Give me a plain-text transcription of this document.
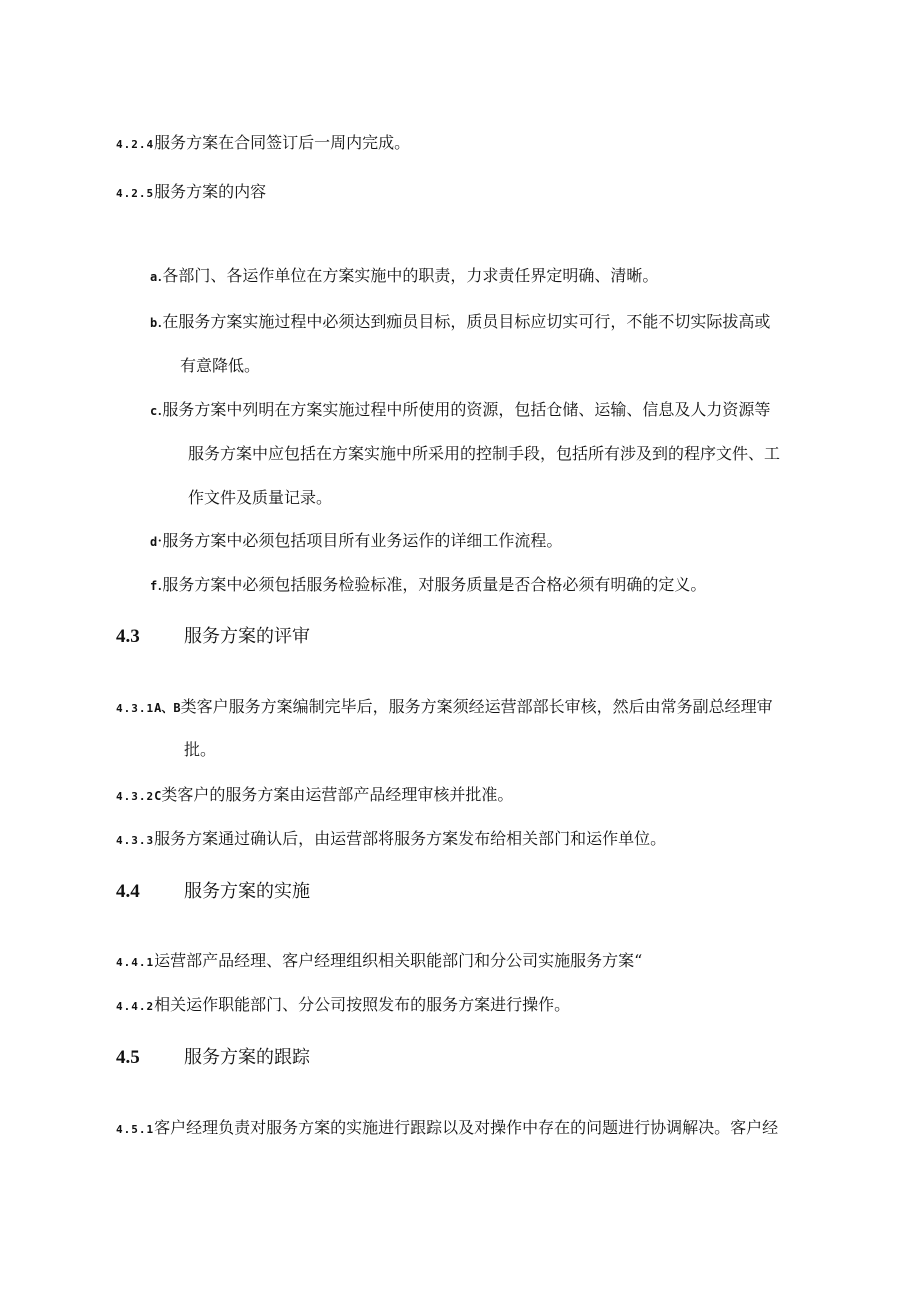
4.2.4服务方案在合同签订后一周内完成。
4.2.5服务方案的内容
a.各部门、各运作单位在方案实施中的职责，力求责任界定明确、清晰。
b.在服务方案实施过程中必须达到痂员目标，质员目标应切实可行，不能不切实际拔高或
有意降低。
c.服务方案中列明在方案实施过程中所使用的资源，包括仓储、运输、信息及人力资源等
服务方案中应包括在方案实施中所采用的控制手段，包括所有涉及到的程序文件、工
作文件及质量记录。
d·服务方案中必须包括项目所有业务运作的详细工作流程。
f.服务方案中必须包括服务检验标准，对服务质量是否合格必须有明确的定义。
4.3 服务方案的评审
4.3.1A、B类客户服务方案编制完毕后，服务方案须经运营部部长审核，然后由常务副总经理审
批。
4.3.2C类客户的服务方案由运营部产品经理审核并批准。
4.3.3服务方案通过确认后，由运营部将服务方案发布给相关部门和运作单位。
4.4 服务方案的实施
4.4.1运营部产品经理、客户经理组织相关职能部门和分公司实施服务方案“
4.4.2相关运作职能部门、分公司按照发布的服务方案进行操作。
4.5 服务方案的跟踪
4.5.1客户经理负责对服务方案的实施进行跟踪以及对操作中存在的问题进行协调解决。客户经
